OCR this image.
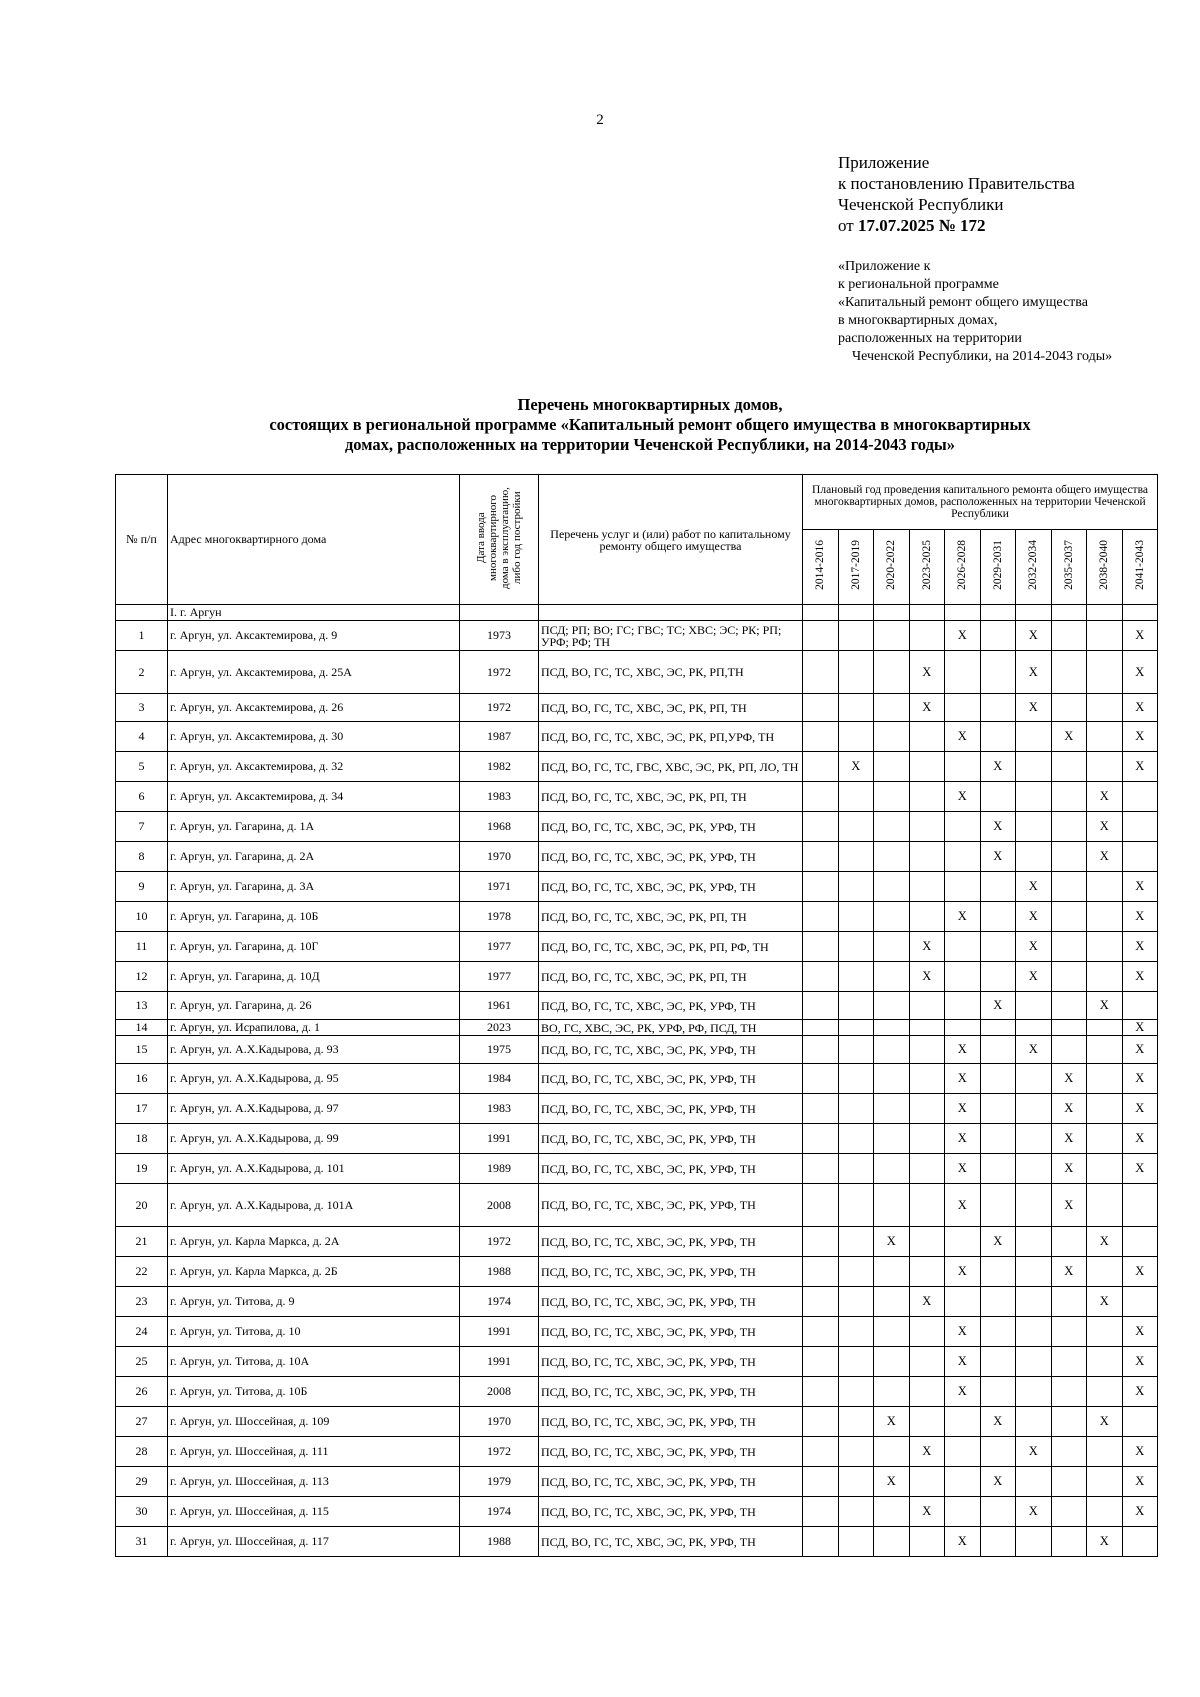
2
Приложение
к постановлению Правительства
Чеченской Республики
от 17.07.2025 № 172
«Приложение к
к региональной программе
«Капитальный ремонт общего имущества
в многоквартирных домах,
расположенных на территории
Чеченской Республики, на 2014-2043 годы»
Перечень многоквартирных домов,
состоящих в региональной программе «Капитальный ремонт общего имущества в многоквартирных
домах, расположенных на территории Чеченской Республики, на 2014-2043 годы»
№ п/п	Адрес многоквартирного дома	Дата ввода многоквартирного дома в эксплуатацию, либо год постройки	Перечень услуг и (или) работ по капитальному ремонту общего имущества	Плановый год проведения капитального ремонта общего имущества многоквартирных домов, расположенных на территории Чеченской Республики									
				2014-2016	2017-2019	2020-2022	2023-2025	2026-2028	2029-2031	2032-2034	2035-2037	2038-2040	2041-2043
	I. г. Аргун												
1	г. Аргун, ул. Аксактемирова, д. 9	1973	ПСД; РП; ВО; ГС; ГВС; ТС; ХВС; ЭС; РК; РП; УРФ; РФ; ТН					Х		Х			Х
2	г. Аргун, ул. Аксактемирова, д. 25А	1972	ПСД, ВО, ГС, ТС, ХВС, ЭС, РК, РП,ТН				Х			Х			Х
3	г. Аргун, ул. Аксактемирова, д. 26	1972	ПСД, ВО, ГС, ТС, ХВС, ЭС, РК, РП, ТН				Х			Х			Х
4	г. Аргун, ул. Аксактемирова, д. 30	1987	ПСД, ВО, ГС, ТС, ХВС, ЭС, РК, РП,УРФ, ТН					Х			Х		Х
5	г. Аргун, ул. Аксактемирова, д. 32	1982	ПСД, ВО, ГС, ТС, ГВС, ХВС, ЭС, РК, РП, ЛО, ТН		Х				Х				Х
6	г. Аргун, ул. Аксактемирова, д. 34	1983	ПСД, ВО, ГС, ТС, ХВС, ЭС, РК, РП, ТН					Х				Х	
7	г. Аргун, ул. Гагарина, д. 1А	1968	ПСД, ВО, ГС, ТС, ХВС, ЭС, РК, УРФ, ТН						Х			Х	
8	г. Аргун, ул. Гагарина, д. 2А	1970	ПСД, ВО, ГС, ТС, ХВС, ЭС, РК, УРФ, ТН						Х			Х	
9	г. Аргун, ул. Гагарина, д. 3А	1971	ПСД, ВО, ГС, ТС, ХВС, ЭС, РК, УРФ, ТН							Х			Х
10	г. Аргун, ул. Гагарина, д. 10Б	1978	ПСД, ВО, ГС, ТС, ХВС, ЭС, РК, РП, ТН					Х		Х			Х
11	г. Аргун, ул. Гагарина, д. 10Г	1977	ПСД, ВО, ГС, ТС, ХВС, ЭС, РК, РП, РФ, ТН				Х			Х			Х
12	г. Аргун, ул. Гагарина, д. 10Д	1977	ПСД, ВО, ГС, ТС, ХВС, ЭС, РК, РП, ТН				Х			Х			Х
13	г. Аргун, ул. Гагарина, д. 26	1961	ПСД, ВО, ГС, ТС, ХВС, ЭС, РК, УРФ, ТН						Х			Х	
14	г. Аргун, ул. Исрапилова, д. 1	2023	ВО, ГС, ХВС, ЭС, РК, УРФ, РФ, ПСД, ТН										Х
15	г. Аргун, ул. А.Х.Кадырова, д. 93	1975	ПСД, ВО, ГС, ТС, ХВС, ЭС, РК, УРФ, ТН					Х		Х			Х
16	г. Аргун, ул. А.Х.Кадырова, д. 95	1984	ПСД, ВО, ГС, ТС, ХВС, ЭС, РК, УРФ, ТН					Х			Х		Х
17	г. Аргун, ул. А.Х.Кадырова, д. 97	1983	ПСД, ВО, ГС, ТС, ХВС, ЭС, РК, УРФ, ТН					Х			Х		Х
18	г. Аргун, ул. А.Х.Кадырова, д. 99	1991	ПСД, ВО, ГС, ТС, ХВС, ЭС, РК, УРФ, ТН					Х			Х		Х
19	г. Аргун, ул. А.Х.Кадырова, д. 101	1989	ПСД, ВО, ГС, ТС, ХВС, ЭС, РК, УРФ, ТН					Х			Х		Х
20	г. Аргун, ул. А.Х.Кадырова, д. 101А	2008	ПСД, ВО, ГС, ТС, ХВС, ЭС, РК, УРФ, ТН					Х			Х		
21	г. Аргун, ул. Карла Маркса, д. 2А	1972	ПСД, ВО, ГС, ТС, ХВС, ЭС, РК, УРФ, ТН			Х			Х			Х	
22	г. Аргун, ул. Карла Маркса, д. 2Б	1988	ПСД, ВО, ГС, ТС, ХВС, ЭС, РК, УРФ, ТН					Х			Х		Х
23	г. Аргун, ул. Титова, д. 9	1974	ПСД, ВО, ГС, ТС, ХВС, ЭС, РК, УРФ, ТН				Х					Х	
24	г. Аргун, ул. Титова, д. 10	1991	ПСД, ВО, ГС, ТС, ХВС, ЭС, РК, УРФ, ТН					Х					Х
25	г. Аргун, ул. Титова, д. 10А	1991	ПСД, ВО, ГС, ТС, ХВС, ЭС, РК, УРФ, ТН					Х					Х
26	г. Аргун, ул. Титова, д. 10Б	2008	ПСД, ВО, ГС, ТС, ХВС, ЭС, РК, УРФ, ТН					Х					Х
27	г. Аргун, ул. Шоссейная, д. 109	1970	ПСД, ВО, ГС, ТС, ХВС, ЭС, РК, УРФ, ТН			Х			Х			Х	
28	г. Аргун, ул. Шоссейная, д. 111	1972	ПСД, ВО, ГС, ТС, ХВС, ЭС, РК, УРФ, ТН				Х			Х			Х
29	г. Аргун, ул. Шоссейная, д. 113	1979	ПСД, ВО, ГС, ТС, ХВС, ЭС, РК, УРФ, ТН			Х			Х				Х
30	г. Аргун, ул. Шоссейная, д. 115	1974	ПСД, ВО, ГС, ТС, ХВС, ЭС, РК, УРФ, ТН				Х			Х			Х
31	г. Аргун, ул. Шоссейная, д. 117	1988	ПСД, ВО, ГС, ТС, ХВС, ЭС, РК, УРФ, ТН					Х				Х	
